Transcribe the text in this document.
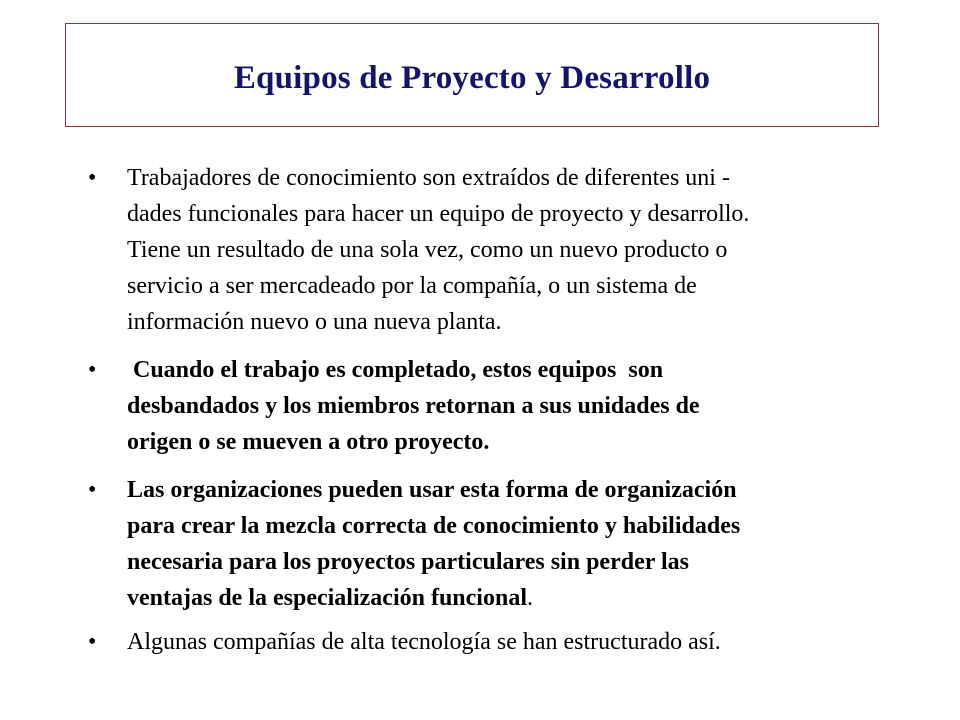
Equipos de Proyecto y Desarrollo
• Trabajadores de conocimiento son extraídos de diferentes uni -
dades funcionales para hacer un equipo de proyecto y desarrollo.
Tiene un resultado de una sola vez, como un nuevo producto o
servicio a ser mercadeado por la compañía, o un sistema de
información nuevo o una nueva planta.
• Cuando el trabajo es completado, estos equipos  son
desbandados y los miembros retornan a sus unidades de
origen o se mueven a otro proyecto.
• Las organizaciones pueden usar esta forma de organización
para crear la mezcla correcta de conocimiento y habilidades
necesaria para los proyectos particulares sin perder las
ventajas de la especialización funcional.
• Algunas compañías de alta tecnología se han estructurado así.
